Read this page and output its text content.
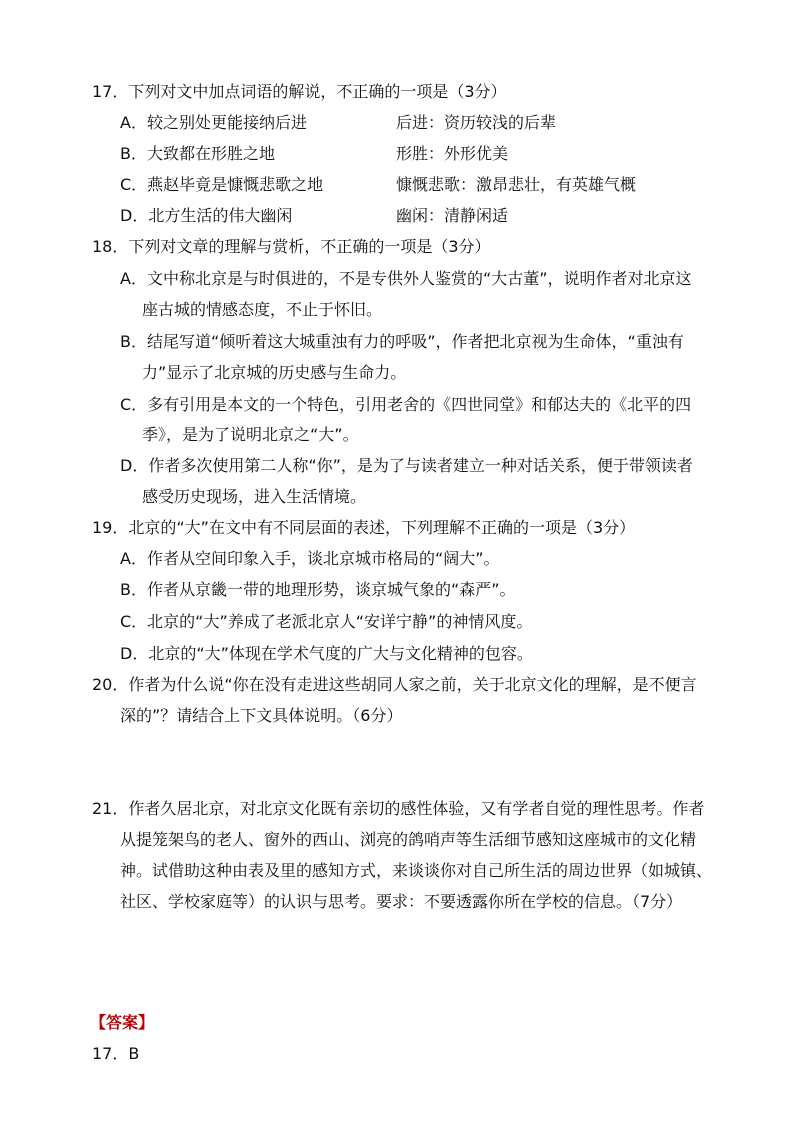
17．下列对文中加点词语的解说，不正确的一项是（3分）
A．较之别处更能接纳后进	后进：资历较浅的后辈
B．大致都在形胜之地	形胜：外形优美
C．燕赵毕竟是慷慨悲歌之地	慷慨悲歌：激昂悲壮，有英雄气概
D．北方生活的伟大幽闲	幽闲：清静闲适
18．下列对文章的理解与赏析，不正确的一项是（3分）
A．文中称北京是与时俱进的，不是专供外人鉴赏的“大古董”，说明作者对北京这
座古城的情感态度，不止于怀旧。
B．结尾写道“倾听着这大城重浊有力的呼吸”，作者把北京视为生命体，“重浊有
力”显示了北京城的历史感与生命力。
C．多有引用是本文的一个特色，引用老舍的《四世同堂》和郁达夫的《北平的四
季》，是为了说明北京之“大”。
D．作者多次使用第二人称“你”，是为了与读者建立一种对话关系，便于带领读者
感受历史现场，进入生活情境。
19．北京的“大”在文中有不同层面的表述，下列理解不正确的一项是（3分）
A．作者从空间印象入手，谈北京城市格局的“阔大”。
B．作者从京畿一带的地理形势，谈京城气象的“森严”。
C．北京的“大”养成了老派北京人“安详宁静”的神情风度。
D．北京的“大”体现在学术气度的广大与文化精神的包容。
20．作者为什么说“你在没有走进这些胡同人家之前，关于北京文化的理解，是不便言
深的”？请结合上下文具体说明。（6分）
21．作者久居北京，对北京文化既有亲切的感性体验，又有学者自觉的理性思考。作者
从提笼架鸟的老人、窗外的西山、浏亮的鸽哨声等生活细节感知这座城市的文化精
神。试借助这种由表及里的感知方式，来谈谈你对自己所生活的周边世界（如城镇、
社区、学校家庭等）的认识与思考。要求：不要透露你所在学校的信息。（7分）
【答案】
17．B
